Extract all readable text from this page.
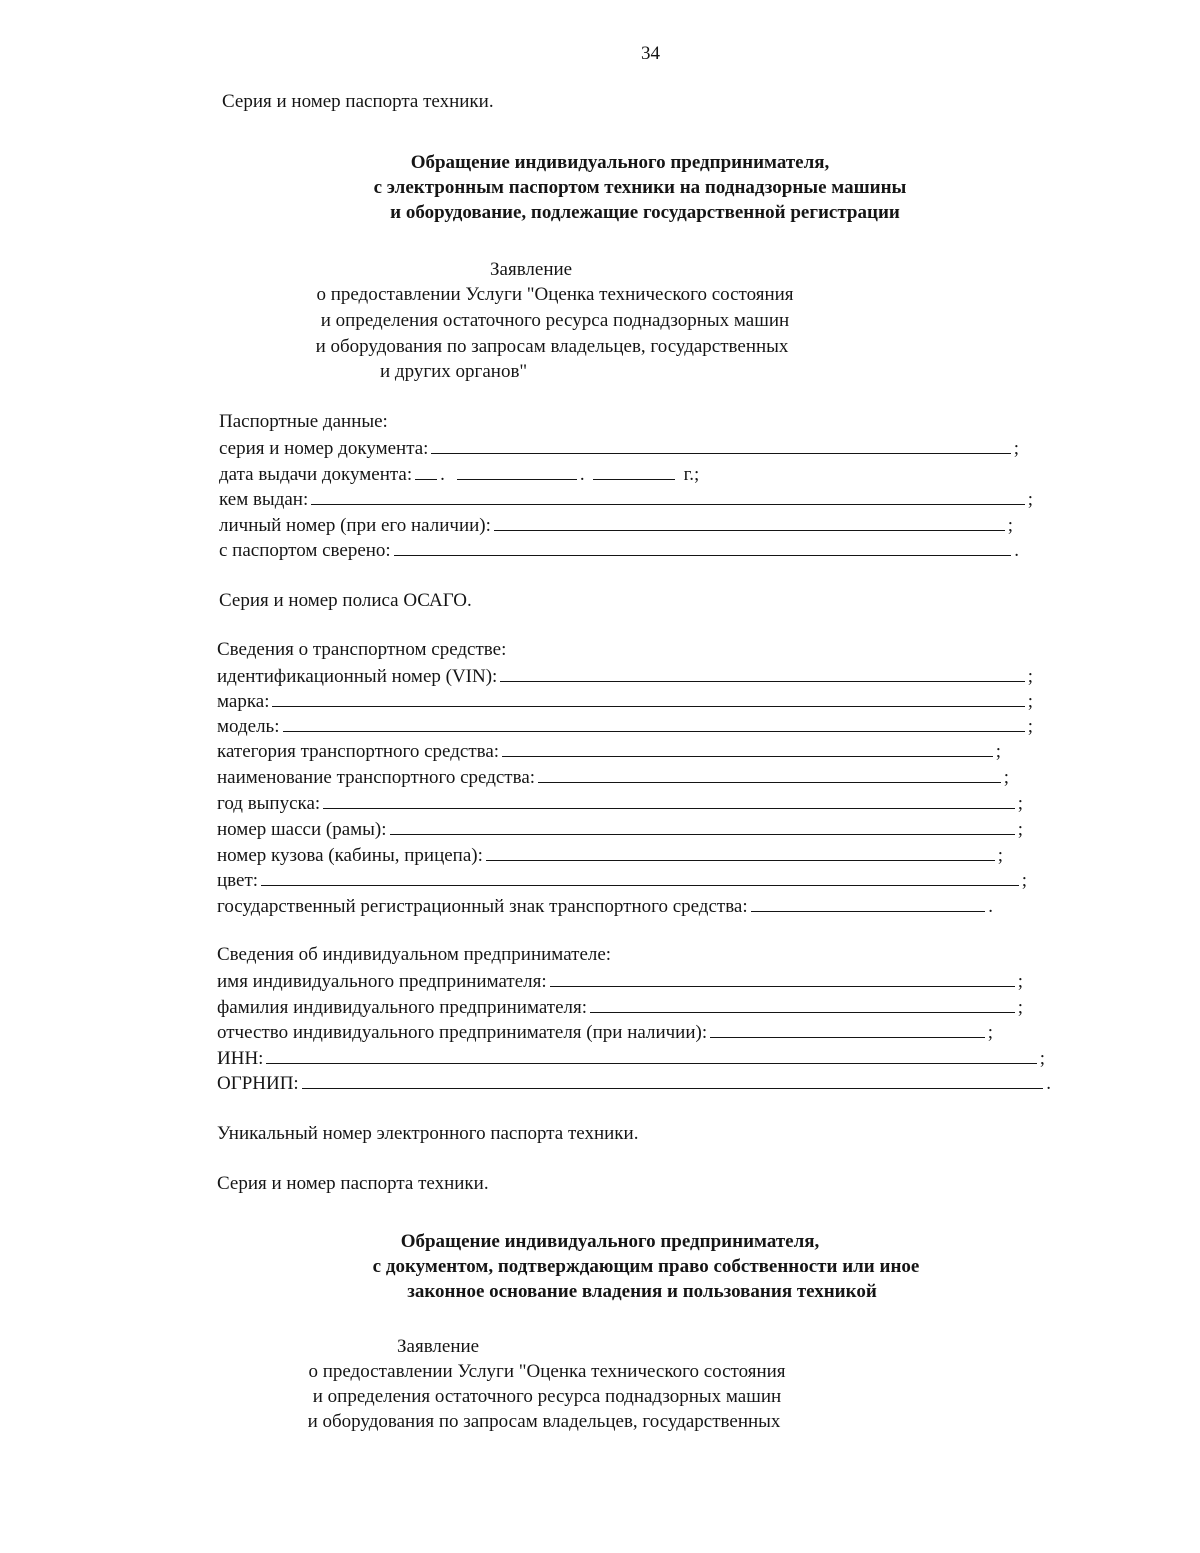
34
Серия и номер паспорта техники.
Обращение индивидуального предпринимателя,
с электронным паспортом техники на поднадзорные машины
и оборудование, подлежащие государственной регистрации
Заявление
о предоставлении Услуги "Оценка технического состояния
и определения остаточного ресурса поднадзорных машин
и оборудования по запросам владельцев, государственных
и других органов"
Паспортные данные:
серия и номер документа:	;
дата выдачи документа: .	.	г.;
кем выдан:	;
личный номер (при его наличии):	;
с паспортом сверено:	.
Серия и номер полиса ОСАГО.
Сведения о транспортном средстве:
идентификационный номер (VIN):	;
марка:	;
модель:	;
категория транспортного средства:	;
наименование транспортного средства:	;
год выпуска:	;
номер шасси (рамы):	;
номер кузова (кабины, прицепа):	;
цвет:	;
государственный регистрационный знак транспортного средства:	.
Сведения об индивидуальном предпринимателе:
имя индивидуального предпринимателя:	;
фамилия индивидуального предпринимателя:	;
отчество индивидуального предпринимателя (при наличии):	;
ИНН:	;
ОГРНИП:	.
Уникальный номер электронного паспорта техники.
Серия и номер паспорта техники.
Обращение индивидуального предпринимателя,
с документом, подтверждающим право собственности или иное
законное основание владения и пользования техникой
Заявление
о предоставлении Услуги "Оценка технического состояния
и определения остаточного ресурса поднадзорных машин
и оборудования по запросам владельцев, государственных
